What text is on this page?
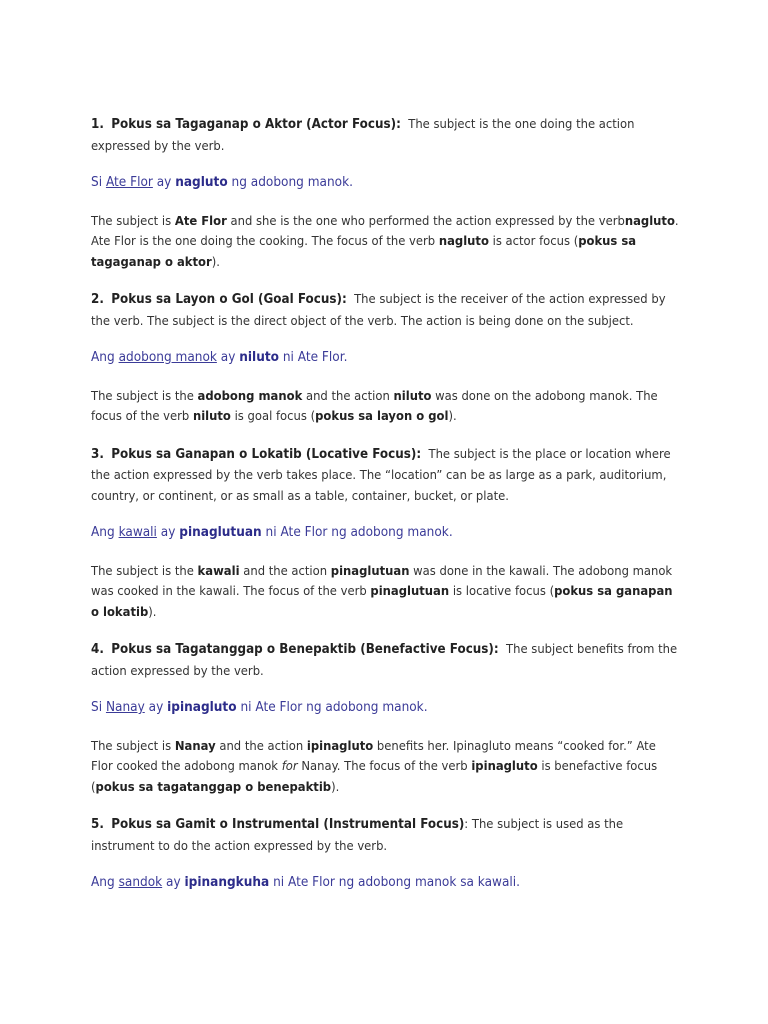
1. Pokus sa Tagaganap o Aktor (Actor Focus): The subject is the one doing the action expressed by the verb.

Si Ate Flor ay nagluto ng adobong manok.

The subject is Ate Flor and she is the one who performed the action expressed by the verbnagluto. Ate Flor is the one doing the cooking. The focus of the verb nagluto is actor focus (pokus sa tagaganap o aktor).

2. Pokus sa Layon o Gol (Goal Focus): The subject is the receiver of the action expressed by the verb. The subject is the direct object of the verb. The action is being done on the subject.

Ang adobong manok ay niluto ni Ate Flor.

The subject is the adobong manok and the action niluto was done on the adobong manok. The focus of the verb niluto is goal focus (pokus sa layon o gol).

3. Pokus sa Ganapan o Lokatib (Locative Focus): The subject is the place or location where the action expressed by the verb takes place. The “location” can be as large as a park, auditorium, country, or continent, or as small as a table, container, bucket, or plate.

Ang kawali ay pinaglutuan ni Ate Flor ng adobong manok.

The subject is the kawali and the action pinaglutuan was done in the kawali. The adobong manok was cooked in the kawali. The focus of the verb pinaglutuan is locative focus (pokus sa ganapan o lokatib).

4. Pokus sa Tagatanggap o Benepaktib (Benefactive Focus): The subject benefits from the action expressed by the verb.

Si Nanay ay ipinagluto ni Ate Flor ng adobong manok.

The subject is Nanay and the action ipinagluto benefits her. Ipinagluto means “cooked for.” Ate Flor cooked the adobong manok for Nanay. The focus of the verb ipinagluto is benefactive focus (pokus sa tagatanggap o benepaktib).

5. Pokus sa Gamit o Instrumental (Instrumental Focus): The subject is used as the instrument to do the action expressed by the verb.

Ang sandok ay ipinangkuha ni Ate Flor ng adobong manok sa kawali.
